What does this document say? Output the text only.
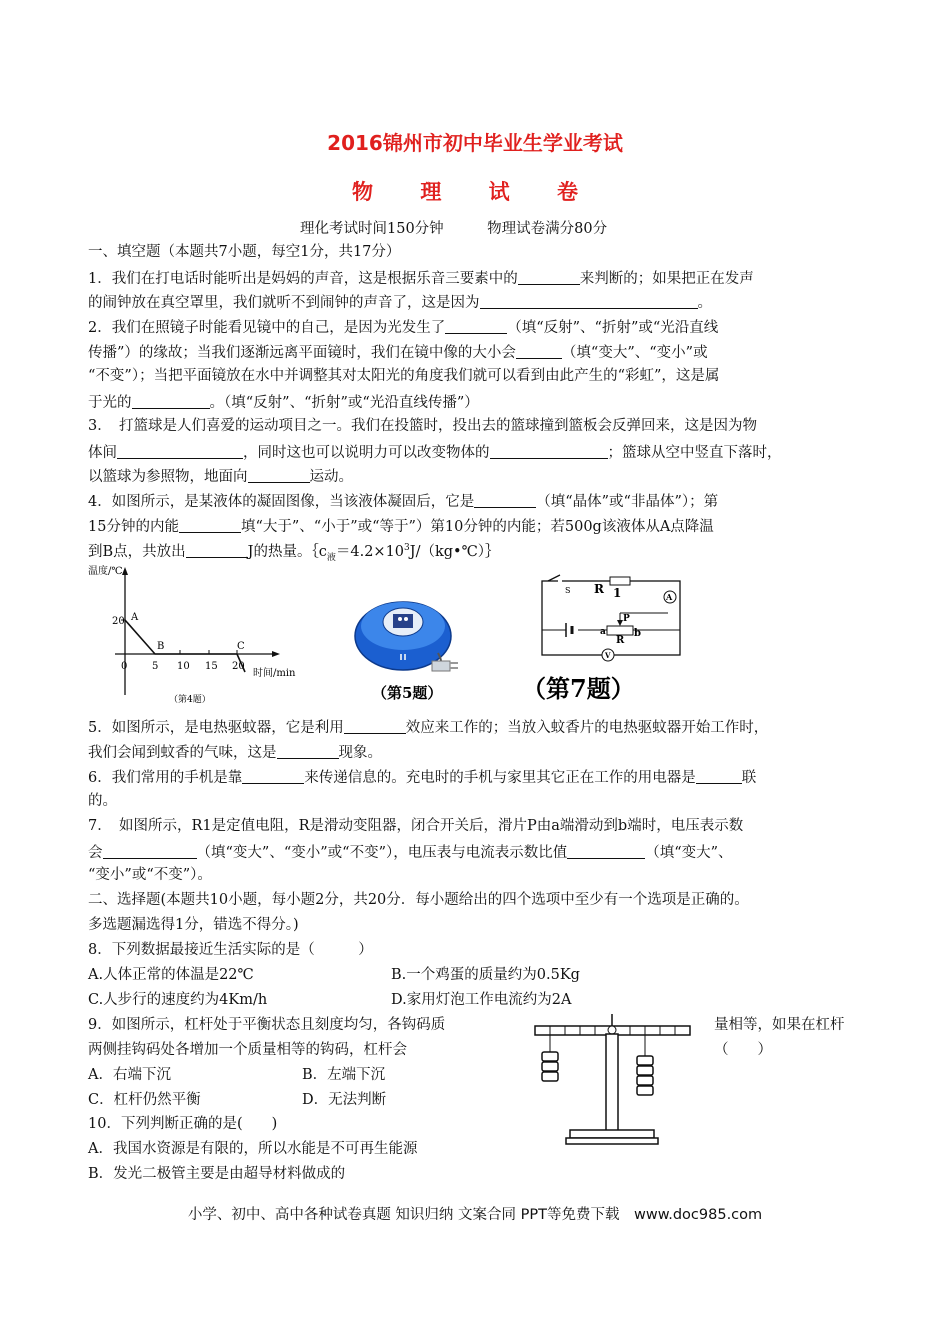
2016锦州市初中毕业生学业考试
物 理 试 卷
理化考试时间150分钟　　　物理试卷满分80分
一、填空题（本题共7小题，每空1分，共17分）
1．我们在打电话时能听出是妈妈的声音，这是根据乐音三要素中的	来判断的；如果把正在发声
的闹钟放在真空罩里，我们就听不到闹钟的声音了，这是因为	。
2．我们在照镜子时能看见镜中的自己，是因为光发生了	（填“反射”、“折射”或“光沿直线
传播”）的缘故；当我们逐渐远离平面镜时，我们在镜中像的大小会	（填“变大”、“变小”或
“不变”）；当把平面镜放在水中并调整其对太阳光的角度我们就可以看到由此产生的“彩虹”，这是属
于光的	。（填“反射”、“折射”或“光沿直线传播”）
3．　打篮球是人们喜爱的运动项目之一。我们在投篮时，投出去的篮球撞到篮板会反弹回来，这是因为物
体间	，同时这也可以说明力可以改变物体的	；篮球从空中竖直下落时，
以篮球为参照物，地面向	运动。
4．如图所示，是某液体的凝固图像，当该液体凝固后，它是	（填“晶体”或“非晶体”）；第
15分钟的内能	填“大于”、“小于”或“等于”）第10分钟的内能；若500g该液体从A点降温
到B点，共放出	J的热量。$\{c_液=4.2\times 10^3J/(kg•℃)\}$
温度/℃
20 A
B	C
0 5 10 15 20
时间/min
（第4题）	（第5题）
S R 1	A
V
P
a
R
b
（第7题）
5．如图所示，是电热驱蚊器，它是利用	效应来工作的；当放入蚊香片的电热驱蚊器开始工作时，
我们会闻到蚊香的气味，这是	现象。
6．我们常用的手机是靠	来传递信息的。充电时的手机与家里其它正在工作的用电器是	联
的。
7．　如图所示，R1是定值电阻，R是滑动变阻器，闭合开关后，滑片P由a端滑动到b端时，电压表示数
会	（填“变大”、“变小”或“不变”），电压表与电流表示数比值	（填“变大”、
“变小”或“不变”）。
二、选择题(本题共10小题，每小题2分，共20分．每小题给出的四个选项中至少有一个选项是正确的。
多选题漏选得1分，错选不得分。)
8．下列数据最接近生活实际的是（　　　）
A.人体正常的体温是22℃	B.一个鸡蛋的质量约为0.5Kg
C.人步行的速度约为4Km/h	D.家用灯泡工作电流约为2A
9．如图所示，杠杆处于平衡状态且刻度均匀，各钩码质	量相等，如果在杠杆
两侧挂钩码处各增加一个质量相等的钩码，杠杆会	（　　）
A．右端下沉	B．左端下沉
C．杠杆仍然平衡	D．无法判断
10．下列判断正确的是(　　)
A．我国水资源是有限的，所以水能是不可再生能源
B．发光二极管主要是由超导材料做成的
小学、初中、高中各种试卷真题 知识归纳 文案合同 PPT等免费下载　www.doc985.com
